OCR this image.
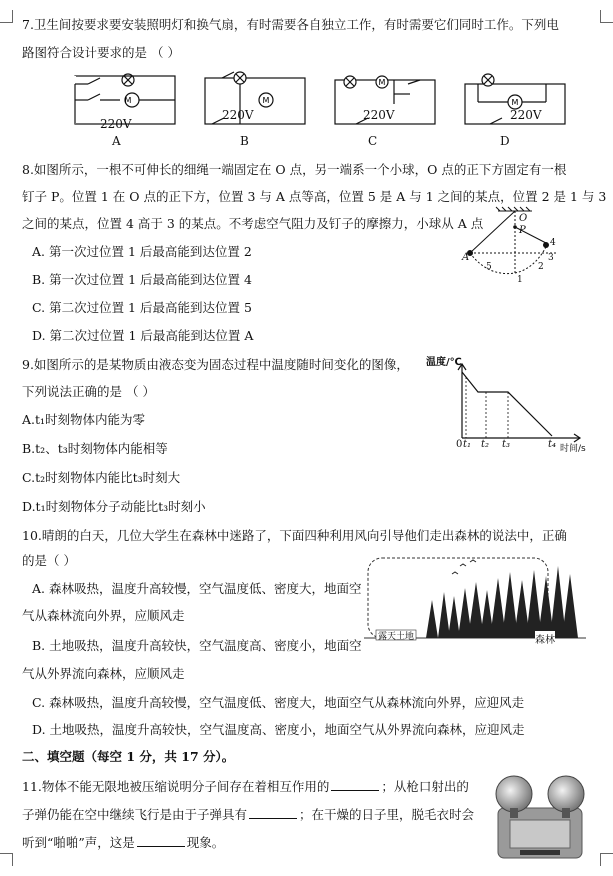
7.卫生间按要求要安装照明灯和换气扇，有时需要各自独立工作，有时需要它们同时工作。下列电
路图符合设计要求的是 （ ）
M
220V
A
M
220V
B
M
220V
C
M
220V
D
8.如图所示，一根不可伸长的细绳一端固定在 O 点，另一端系一个小球，O 点的正下方固定有一根
钉子 P。位置 1 在 O 点的正下方，位置 3 与 A 点等高，位置 5 是 A 与 1 之间的某点，位置 2 是 1 与 3
之间的某点，位置 4 高于 3 的某点。不考虑空气阻力及钉子的摩擦力，小球从 A 点
A. 第一次过位置 1 后最高能到达位置 2
B. 第一次过位置 1 后最高能到达位置 4
C. 第二次过位置 1 后最高能到达位置 5
D. 第二次过位置 1 后最高能到达位置 A
O
P
A
1
2
3
4
5
9.如图所示的是某物质由液态变为固态过程中温度随时间变化的图像，
下列说法正确的是 （ ）
A.t₁时刻物体内能为零
B.t₂、t₃时刻物体内能相等
C.t₂时刻物体内能比t₃时刻大
D.t₁时刻物体分子动能比t₃时刻小
温度/℃
0 t₁ t₂ t₃	t₄ 时间/s
10.晴朗的白天，几位大学生在森林中迷路了，下面四种利用风向引导他们走出森林的说法中，正确
的是（ ）
A. 森林吸热，温度升高较慢，空气温度低、密度大，地面空
气从森林流向外界，应顺风走
B. 土地吸热，温度升高较快，空气温度高、密度小，地面空
气从外界流向森林，应顺风走
C. 森林吸热，温度升高较慢，空气温度低、密度大，地面空气从森林流向外界，应迎风走
D. 土地吸热，温度升高较快，空气温度高、密度小，地面空气从外界流向森林，应迎风走
露天土地	森林
二、填空题（每空 1 分，共 17 分）。
11.物体不能无限地被压缩说明分子间存在着相互作用的	；从枪口射出的
子弹仍能在空中继续飞行是由于子弹具有	；在干燥的日子里，脱毛衣时会
听到“啪啪”声，这是	现象。
